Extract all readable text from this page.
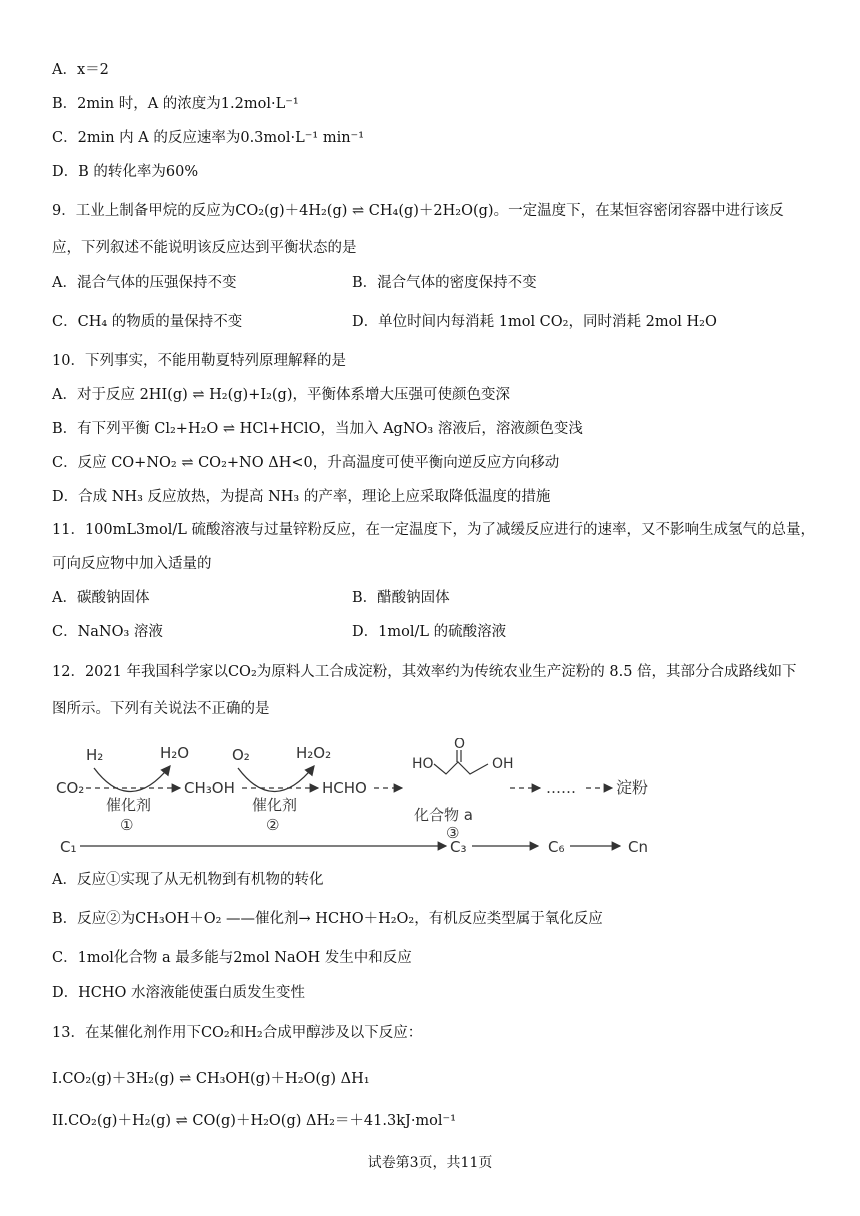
A．x＝2
B．2min 时，A 的浓度为1.2mol·L⁻¹
C．2min 内 A 的反应速率为0.3mol·L⁻¹ min⁻¹
D．B 的转化率为60%
9．工业上制备甲烷的反应为CO₂(g)＋4H₂(g) ⇌ CH₄(g)＋2H₂O(g)。一定温度下，在某恒容密闭容器中进行该反
应，下列叙述不能说明该反应达到平衡状态的是
A．混合气体的压强保持不变	B．混合气体的密度保持不变
C．CH₄ 的物质的量保持不变	D．单位时间内每消耗 1mol CO₂，同时消耗 2mol H₂O
10．下列事实，不能用勒夏特列原理解释的是
A．对于反应 2HI(g) ⇌ H₂(g)+I₂(g)，平衡体系增大压强可使颜色变深
B．有下列平衡 Cl₂+H₂O ⇌ HCl+HClO，当加入 AgNO₃ 溶液后，溶液颜色变浅
C．反应 CO+NO₂ ⇌ CO₂+NO ΔH<0，升高温度可使平衡向逆反应方向移动
D．合成 NH₃ 反应放热，为提高 NH₃ 的产率，理论上应采取降低温度的措施
11．100mL3mol/L 硫酸溶液与过量锌粉反应，在一定温度下，为了减缓反应进行的速率，又不影响生成氢气的总量，
可向反应物中加入适量的
A．碳酸钠固体	B．醋酸钠固体
C．NaNO₃ 溶液	D．1mol/L 的硫酸溶液
12．2021 年我国科学家以CO₂为原料人工合成淀粉，其效率约为传统农业生产淀粉的 8.5 倍，其部分合成路线如下
图所示。下列有关说法不正确的是
H₂	H₂O	O₂	H₂O₂
CO₂	CH₃OH	HCHO
HO
O
OH
……	淀粉
催化剂
①
催化剂
②
化合物 a
③
C₁	C₃	C₆	Cn
A．反应①实现了从无机物到有机物的转化
B．反应②为CH₃OH＋O₂ ——催化剂→ HCHO＋H₂O₂，有机反应类型属于氧化反应
C．1mol化合物 a 最多能与2mol NaOH 发生中和反应
D．HCHO 水溶液能使蛋白质发生变性
13．在某催化剂作用下CO₂和H₂合成甲醇涉及以下反应：
I.CO₂(g)＋3H₂(g) ⇌ CH₃OH(g)＋H₂O(g) ΔH₁
II.CO₂(g)＋H₂(g) ⇌ CO(g)＋H₂O(g) ΔH₂＝＋41.3kJ·mol⁻¹
试卷第3页，共11页
